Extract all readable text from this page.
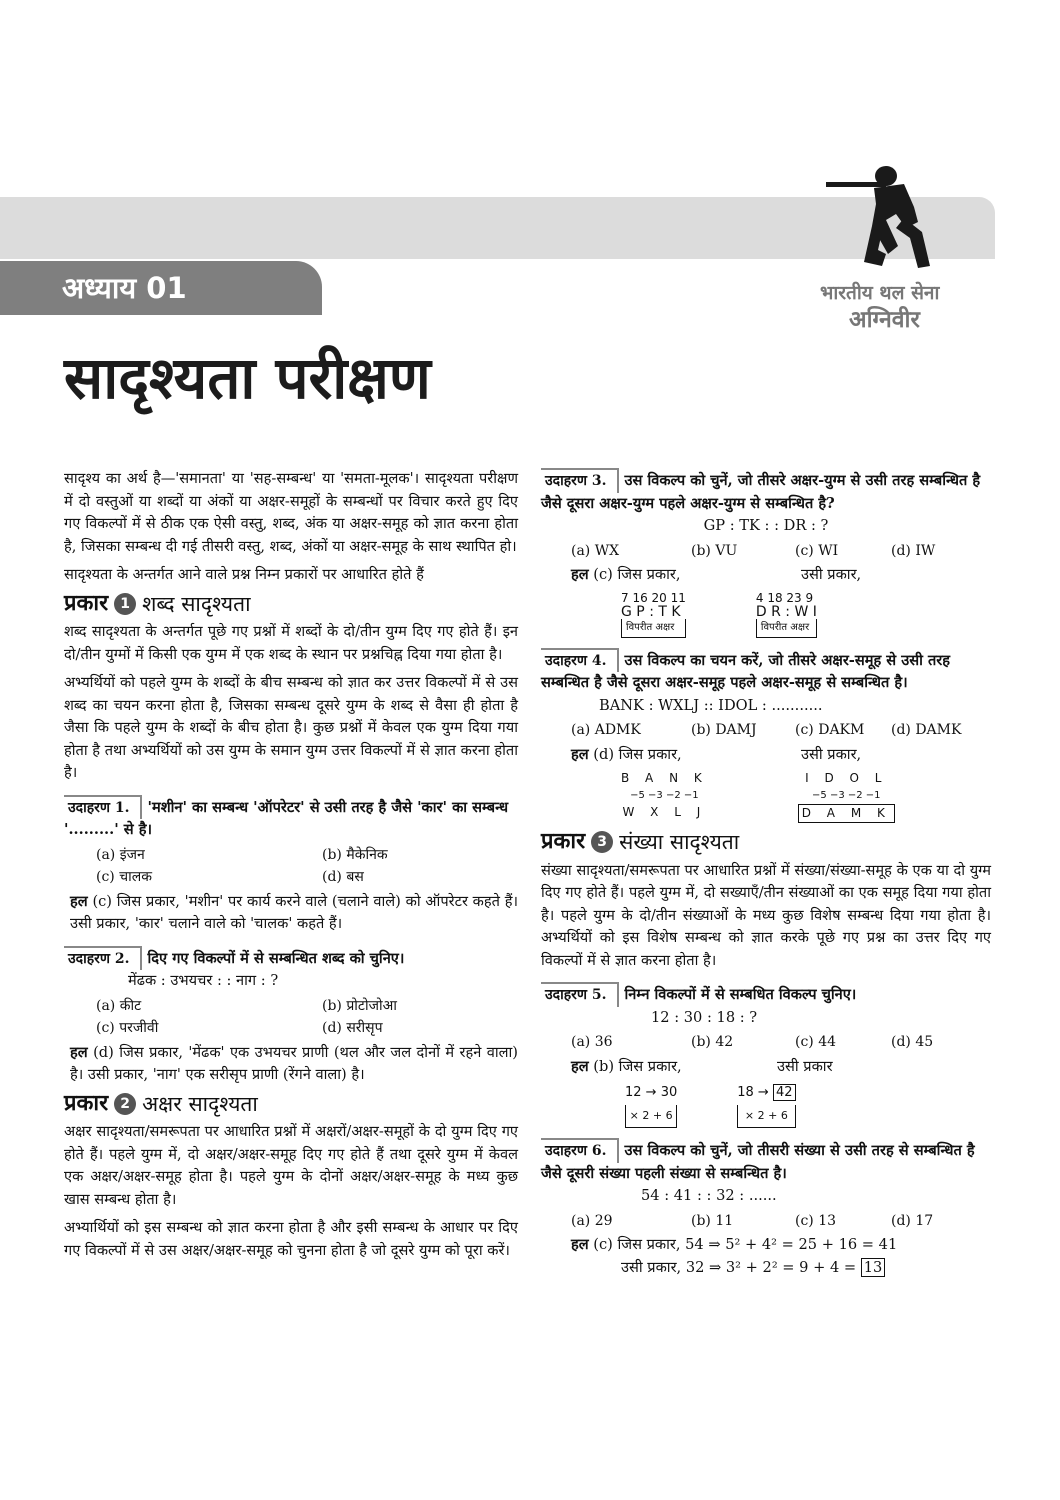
अध्याय 01	भारतीय थल सेना
अग्निवीर
सादृश्यता परीक्षण

सादृश्य का अर्थ है—'समानता' या 'सह-सम्बन्ध' या 'समता-मूलक'। सादृश्यता परीक्षण में दो वस्तुओं या शब्दों या अंकों या अक्षर-समूहों के सम्बन्धों पर विचार करते हुए दिए गए विकल्पों में से ठीक एक ऐसी वस्तु, शब्द, अंक या अक्षर-समूह को ज्ञात करना होता है, जिसका सम्बन्ध दी गई तीसरी वस्तु, शब्द, अंकों या अक्षर-समूह के साथ स्थापित हो।

सादृश्यता के अन्तर्गत आने वाले प्रश्न निम्न प्रकारों पर आधारित होते हैं

प्रकार 1 शब्द सादृश्यता

शब्द सादृश्यता के अन्तर्गत पूछे गए प्रश्नों में शब्दों के दो/तीन युग्म दिए गए होते हैं। इन दो/तीन युग्मों में किसी एक युग्म में एक शब्द के स्थान पर प्रश्नचिह्न दिया गया होता है।

अभ्यर्थियों को पहले युग्म के शब्दों के बीच सम्बन्ध को ज्ञात कर उत्तर विकल्पों में से उस शब्द का चयन करना होता है, जिसका सम्बन्ध दूसरे युग्म के शब्द से वैसा ही होता है जैसा कि पहले युग्म के शब्दों के बीच होता है। कुछ प्रश्नों में केवल एक युग्म दिया गया होता है तथा अभ्यर्थियों को उस युग्म के समान युग्म उत्तर विकल्पों में से ज्ञात करना होता है।

उदाहरण 1. 'मशीन' का सम्बन्ध 'ऑपरेटर' से उसी तरह है जैसे 'कार' का सम्बन्ध '.........' से है।
(a) इंजन	(b) मैकेनिक
(c) चालक	(d) बस

हल (c) जिस प्रकार, 'मशीन' पर कार्य करने वाले (चलाने वाले) को ऑपरेटर कहते हैं। उसी प्रकार, 'कार' चलाने वाले को 'चालक' कहते हैं।

उदाहरण 2. दिए गए विकल्पों में से सम्बन्धित शब्द को चुनिए।
मेंढक : उभयचर : : नाग : ?
(a) कीट	(b) प्रोटोजोआ
(c) परजीवी	(d) सरीसृप

हल (d) जिस प्रकार, 'मेंढक' एक उभयचर प्राणी (थल और जल दोनों में रहने वाला) है। उसी प्रकार, 'नाग' एक सरीसृप प्राणी (रेंगने वाला) है।

प्रकार 2 अक्षर सादृश्यता

अक्षर सादृश्यता/समरूपता पर आधारित प्रश्नों में अक्षरों/अक्षर-समूहों के दो युग्म दिए गए होते हैं। पहले युग्म में, दो अक्षर/अक्षर-समूह दिए गए होते हैं तथा दूसरे युग्म में केवल एक अक्षर/अक्षर-समूह होता है। पहले युग्म के दोनों अक्षर/अक्षर-समूह के मध्य कुछ खास सम्बन्ध होता है।

अभ्यार्थियों को इस सम्बन्ध को ज्ञात करना होता है और इसी सम्बन्ध के आधार पर दिए गए विकल्पों में से उस अक्षर/अक्षर-समूह को चुनना होता है जो दूसरे युग्म को पूरा करें।

उदाहरण 3. उस विकल्प को चुनें, जो तीसरे अक्षर-युग्म से उसी तरह सम्बन्धित है जैसे दूसरा अक्षर-युग्म पहले अक्षर-युग्म से सम्बन्धित है?
GP : TK : : DR : ?
(a) WX	(b) VU	(c) WI	(d) IW
हल (c) जिस प्रकार,	उसी प्रकार,
7 16 20 11
G P : T K
विपरीत अक्षर
4 18 23 9
D R : W I
विपरीत अक्षर
उदाहरण 4. उस विकल्प का चयन करें, जो तीसरे अक्षर-समूह से उसी तरह सम्बन्धित है जैसे दूसरा अक्षर-समूह पहले अक्षर-समूह से सम्बन्धित है।
BANK : WXLJ :: IDOL : ...........
(a) ADMK	(b) DAMJ	(c) DAKM	(d) DAMK
हल (d) जिस प्रकार,	उसी प्रकार,
B A N K
−5 −3 −2 −1
W X L J
I D O L
−5 −3 −2 −1
D A M K
प्रकार 3 संख्या सादृश्यता

संख्या सादृश्यता/समरूपता पर आधारित प्रश्नों में संख्या/संख्या-समूह के एक या दो युग्म दिए गए होते हैं। पहले युग्म में, दो सख्याएँ/तीन संख्याओं का एक समूह दिया गया होता है। पहले युग्म के दो/तीन संख्याओं के मध्य कुछ विशेष सम्बन्ध दिया गया होता है। अभ्यर्थियों को इस विशेष सम्बन्ध को ज्ञात करके पूछे गए प्रश्न का उत्तर दिए गए विकल्पों में से ज्ञात करना होता है।

उदाहरण 5. निम्न विकल्पों में से सम्बधित विकल्प चुनिए।
12 : 30 : 18 : ?
(a) 36	(b) 42	(c) 44	(d) 45
हल (b) जिस प्रकार,	उसी प्रकार
12 → 30
× 2 + 6
18 → 42
× 2 + 6
उदाहरण 6. उस विकल्प को चुनें, जो तीसरी संख्या से उसी तरह से सम्बन्धित है जैसे दूसरी संख्या पहली संख्या से सम्बन्धित है।
54 : 41 : : 32 : ......
(a) 29	(b) 11	(c) 13	(d) 17
हल (c) जिस प्रकार, 54 ⇒ 5² + 4² = 25 + 16 = 41
उसी प्रकार, 32 ⇒ 3² + 2² = 9 + 4 = 13
